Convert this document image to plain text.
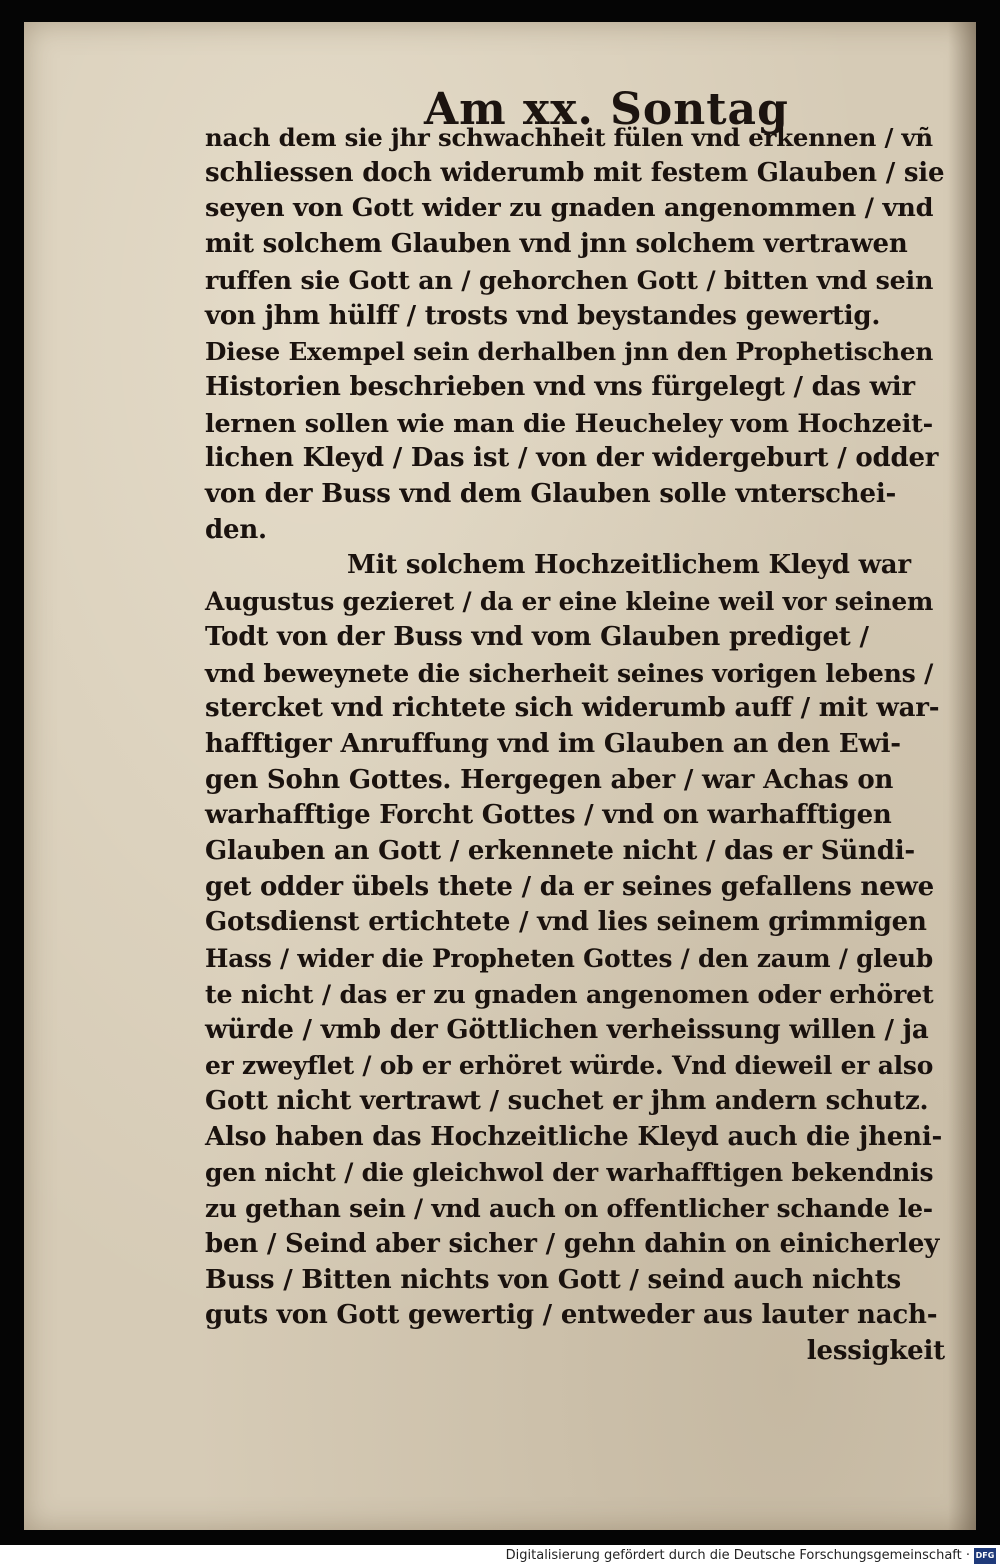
Am xx. Sontag
nach dem sie jhr schwachheit fülen vnd erkennen / vñ
schliessen doch widerumb mit festem Glauben / sie
seyen von Gott wider zu gnaden angenommen / vnd
mit solchem Glauben vnd jnn solchem vertrawen
ruffen sie Gott an / gehorchen Gott / bitten vnd sein
von jhm hülff / trosts vnd beystandes gewertig.
Diese Exempel sein derhalben jnn den Prophetischen
Historien beschrieben vnd vns fürgelegt / das wir
lernen sollen wie man die Heucheley vom Hochzeit-
lichen Kleyd / Das ist / von der widergeburt / odder
von der Buss vnd dem Glauben solle vnterschei-
den.
Mit solchem Hochzeitlichem Kleyd war
Augustus gezieret / da er eine kleine weil vor seinem
Todt von der Buss vnd vom Glauben prediget /
vnd beweynete die sicherheit seines vorigen lebens /
stercket vnd richtete sich widerumb auff / mit war-
hafftiger Anruffung vnd im Glauben an den Ewi-
gen Sohn Gottes. Hergegen aber / war Achas on
warhafftige Forcht Gottes / vnd on warhafftigen
Glauben an Gott / erkennete nicht / das er Sündi-
get odder übels thete / da er seines gefallens newe
Gotsdienst ertichtete / vnd lies seinem grimmigen
Hass / wider die Propheten Gottes / den zaum / gleub
te nicht / das er zu gnaden angenomen oder erhöret
würde / vmb der Göttlichen verheissung willen / ja
er zweyflet / ob er erhöret würde. Vnd dieweil er also
Gott nicht vertrawt / suchet er jhm andern schutz.
Also haben das Hochzeitliche Kleyd auch die jheni-
gen nicht / die gleichwol der warhafftigen bekendnis
zu gethan sein / vnd auch on offentlicher schande le-
ben / Seind aber sicher / gehn dahin on einicherley
Buss / Bitten nichts von Gott / seind auch nichts
guts von Gott gewertig / entweder aus lauter nach-
lessigkeit
Digitalisierung gefördert durch die Deutsche Forschungsgemeinschaft · DFG
